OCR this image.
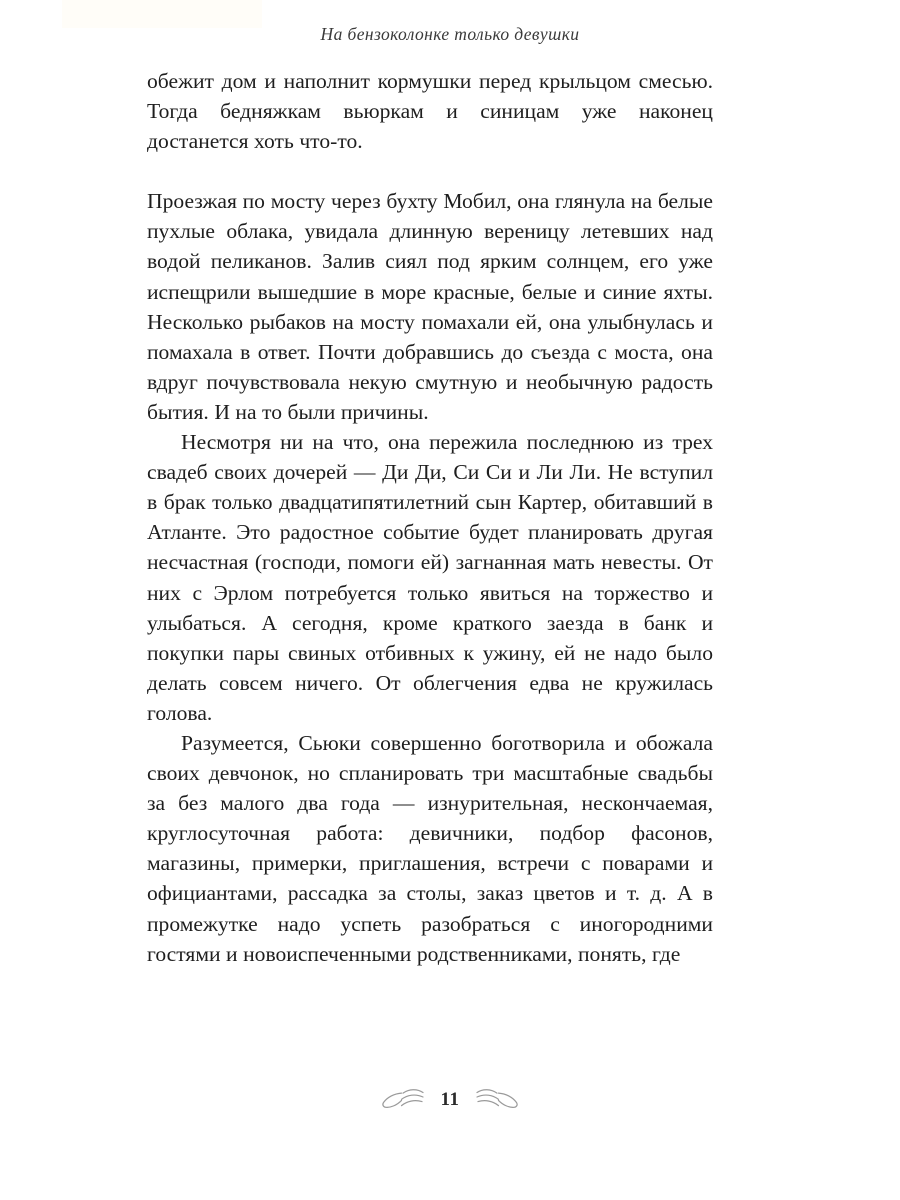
На бензоколонке только девушки

обежит дом и наполнит кормушки перед крыльцом смесью. Тогда бедняжкам вьюркам и синицам уже наконец достанется хоть что-то.

Проезжая по мосту через бухту Мобил, она глянула на белые пухлые облака, увидала длинную вереницу летевших над водой пеликанов. Залив сиял под ярким солнцем, его уже испещрили вышедшие в море красные, белые и синие яхты. Несколько рыбаков на мосту помахали ей, она улыбнулась и помахала в ответ. Почти добравшись до съезда с моста, она вдруг почувствовала некую смутную и необычную радость бытия. И на то были причины.

Несмотря ни на что, она пережила последнюю из трех свадеб своих дочерей — Ди Ди, Си Си и Ли Ли. Не вступил в брак только двадцатипятилетний сын Картер, обитавший в Атланте. Это радостное событие будет планировать другая несчастная (господи, помоги ей) загнанная мать невесты. От них с Эрлом потребуется только явиться на торжество и улыбаться. А сегодня, кроме краткого заезда в банк и покупки пары свиных отбивных к ужину, ей не надо было делать совсем ничего. От облегчения едва не кружилась голова.

Разумеется, Сьюки совершенно боготворила и обожала своих девчонок, но спланировать три масштабные свадьбы за без малого два года — изнурительная, нескончаемая, круглосуточная работа: девичники, подбор фасонов, магазины, примерки, приглашения, встречи с поварами и официантами, рассадка за столы, заказ цветов и т. д. А в промежутке надо успеть разобраться с иногородними гостями и новоиспеченными родственниками, понять, где

11
